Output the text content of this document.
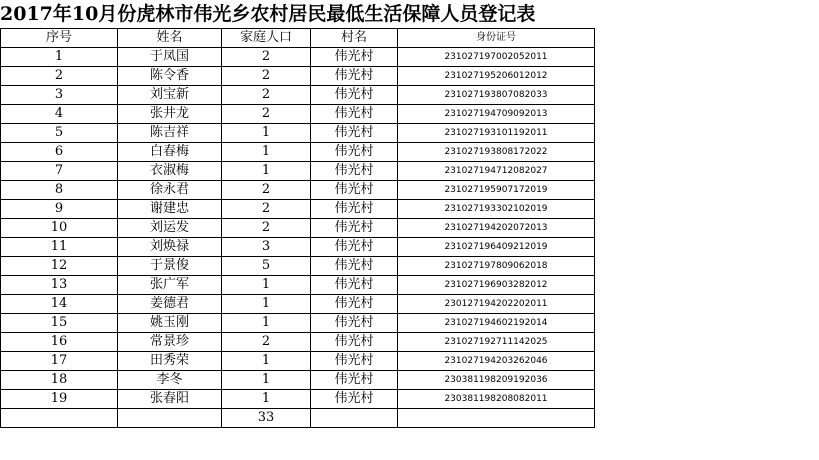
2017年10月份虎林市伟光乡农村居民最低生活保障人员登记表
序号	姓名	家庭人口	村名	身份证号
1	于凤国	2	伟光村	231027197002052011
2	陈令香	2	伟光村	231027195206012012
3	刘宝新	2	伟光村	231027193807082033
4	张井龙	2	伟光村	231027194709092013
5	陈吉祥	1	伟光村	231027193101192011
6	白春梅	1	伟光村	231027193808172022
7	衣淑梅	1	伟光村	231027194712082027
8	徐永君	2	伟光村	231027195907172019
9	谢建忠	2	伟光村	231027193302102019
10	刘运发	2	伟光村	231027194202072013
11	刘焕禄	3	伟光村	231027196409212019
12	于景俊	5	伟光村	231027197809062018
13	张广军	1	伟光村	231027196903282012
14	姜德君	1	伟光村	230127194202202011
15	姚玉刚	1	伟光村	231027194602192014
16	常景珍	2	伟光村	231027192711142025
17	田秀荣	1	伟光村	231027194203262046
18	李冬	1	伟光村	230381198209192036
19	张春阳	1	伟光村	230381198208082011
		33		
